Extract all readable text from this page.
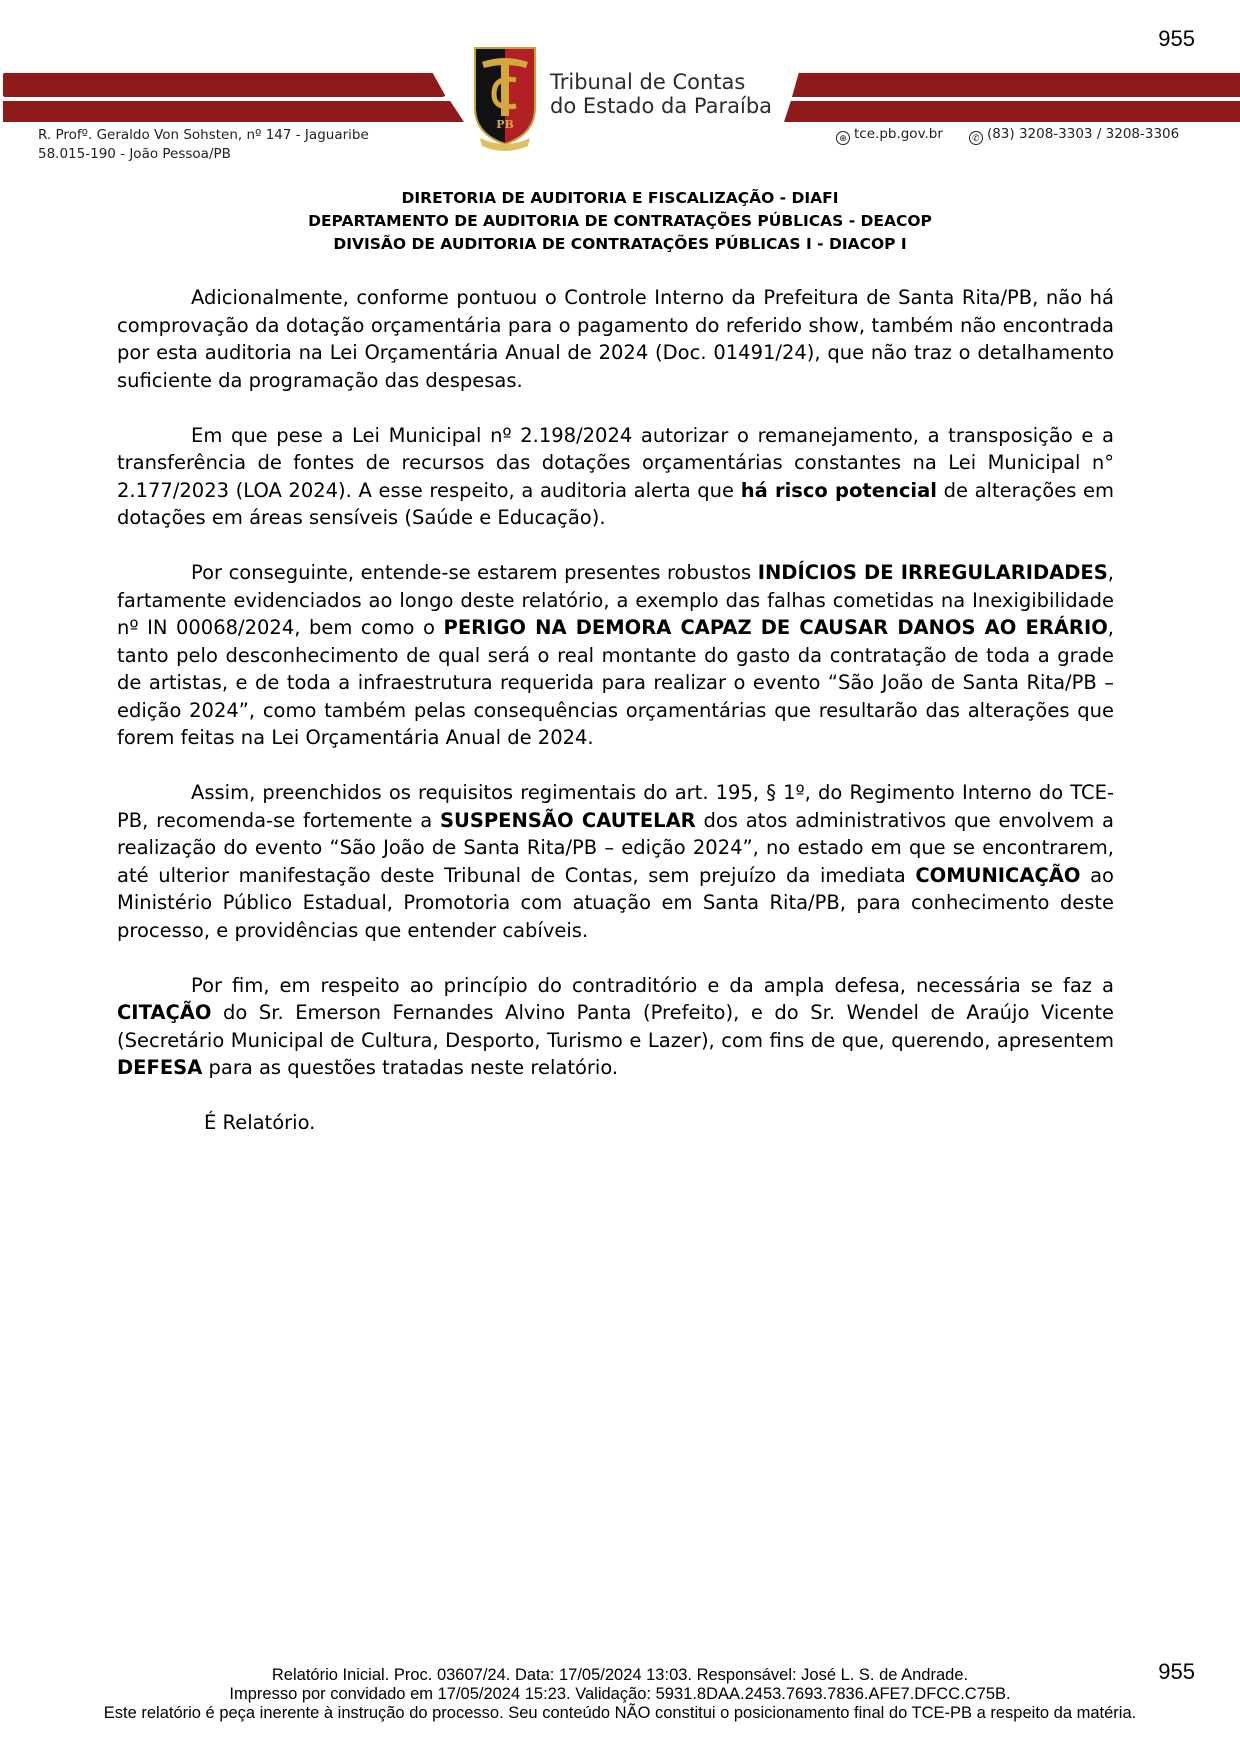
955
PB
Tribunal de Contas
do Estado da Paraíba
R. Profº. Geraldo Von Sohsten, nº 147 - Jaguaribe
58.015-190 - João Pessoa/PB
⊕ tce.pb.gov.br	✆ (83) 3208-3303 / 3208-3306
DIRETORIA DE AUDITORIA E FISCALIZAÇÃO - DIAFI
DEPARTAMENTO DE AUDITORIA DE CONTRATAÇÕES PÚBLICAS - DEACOP
DIVISÃO DE AUDITORIA DE CONTRATAÇÕES PÚBLICAS I - DIACOP I

Adicionalmente, conforme pontuou o Controle Interno da Prefeitura de Santa Rita/PB, não há comprovação da dotação orçamentária para o pagamento do referido show, também não encontrada por esta auditoria na Lei Orçamentária Anual de 2024 (Doc. 01491/24), que não traz o detalhamento suficiente da programação das despesas.

Em que pese a Lei Municipal nº 2.198/2024 autorizar o remanejamento, a transposição e a transferência de fontes de recursos das dotações orçamentárias constantes na Lei Municipal n° 2.177/2023 (LOA 2024). A esse respeito, a auditoria alerta que há risco potencial de alterações em dotações em áreas sensíveis (Saúde e Educação).

Por conseguinte, entende-se estarem presentes robustos INDÍCIOS DE IRREGULARIDADES, fartamente evidenciados ao longo deste relatório, a exemplo das falhas cometidas na Inexigibilidade nº IN 00068/2024, bem como o PERIGO NA DEMORA CAPAZ DE CAUSAR DANOS AO ERÁRIO, tanto pelo desconhecimento de qual será o real montante do gasto da contratação de toda a grade de artistas, e de toda a infraestrutura requerida para realizar o evento “São João de Santa Rita/PB – edição 2024”, como também pelas consequências orçamentárias que resultarão das alterações que forem feitas na Lei Orçamentária Anual de 2024.

Assim, preenchidos os requisitos regimentais do art. 195, § 1º, do Regimento Interno do TCE-PB, recomenda-se fortemente a SUSPENSÃO CAUTELAR dos atos administrativos que envolvem a realização do evento “São João de Santa Rita/PB – edição 2024”, no estado em que se encontrarem, até ulterior manifestação deste Tribunal de Contas, sem prejuízo da imediata COMUNICAÇÃO ao Ministério Público Estadual, Promotoria com atuação em Santa Rita/PB, para conhecimento deste processo, e providências que entender cabíveis.

Por fim, em respeito ao princípio do contraditório e da ampla defesa, necessária se faz a CITAÇÃO do Sr. Emerson Fernandes Alvino Panta (Prefeito), e do Sr. Wendel de Araújo Vicente (Secretário Municipal de Cultura, Desporto, Turismo e Lazer), com fins de que, querendo, apresentem DEFESA para as questões tratadas neste relatório.

É Relatório.

955
Relatório Inicial. Proc. 03607/24. Data: 17/05/2024 13:03. Responsável: José L. S. de Andrade.
Impresso por convidado em 17/05/2024 15:23. Validação: 5931.8DAA.2453.7693.7836.AFE7.DFCC.C75B.
Este relatório é peça inerente à instrução do processo. Seu conteúdo NÃO constitui o posicionamento final do TCE-PB a respeito da matéria.
